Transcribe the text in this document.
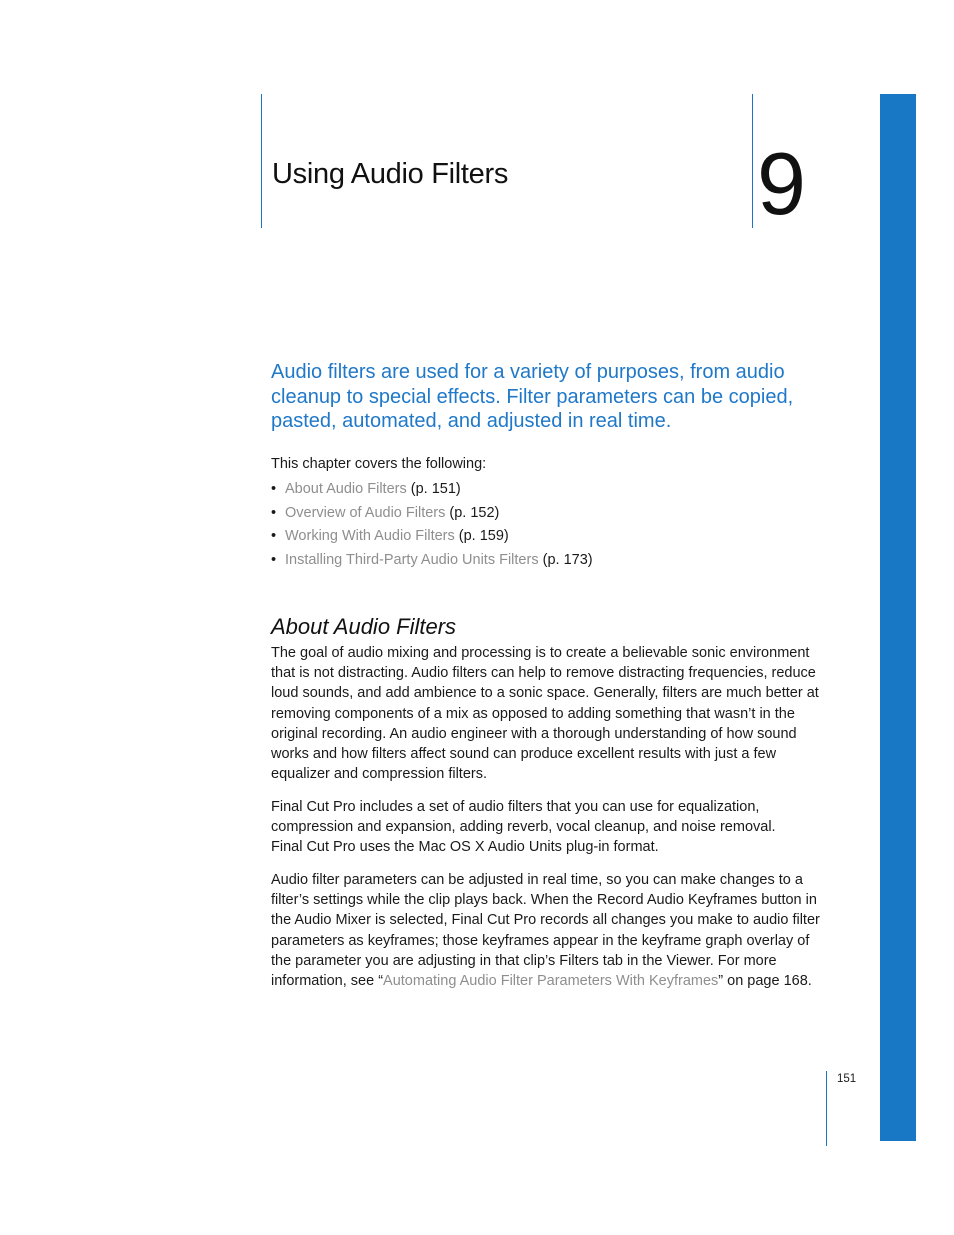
Using Audio Filters	9

Audio filters are used for a variety of purposes, from audio cleanup to special effects. Filter parameters can be copied, pasted, automated, and adjusted in real time.

This chapter covers the following:
• About Audio Filters (p. 151)
• Overview of Audio Filters (p. 152)
• Working With Audio Filters (p. 159)
• Installing Third-Party Audio Units Filters (p. 173)
About Audio Filters

The goal of audio mixing and processing is to create a believable sonic environment that is not distracting. Audio filters can help to remove distracting frequencies, reduce loud sounds, and add ambience to a sonic space. Generally, filters are much better at removing components of a mix as opposed to adding something that wasn’t in the original recording. An audio engineer with a thorough understanding of how sound works and how filters affect sound can produce excellent results with just a few equalizer and compression filters.

Final Cut Pro includes a set of audio filters that you can use for equalization, compression and expansion, adding reverb, vocal cleanup, and noise removal.
Final Cut Pro uses the Mac OS X Audio Units plug-in format.

Audio filter parameters can be adjusted in real time, so you can make changes to a filter’s settings while the clip plays back. When the Record Audio Keyframes button in the Audio Mixer is selected, Final Cut Pro records all changes you make to audio filter parameters as keyframes; those keyframes appear in the keyframe graph overlay of the parameter you are adjusting in that clip’s Filters tab in the Viewer. For more information, see “Automating Audio Filter Parameters With Keyframes” on page 168.

151
